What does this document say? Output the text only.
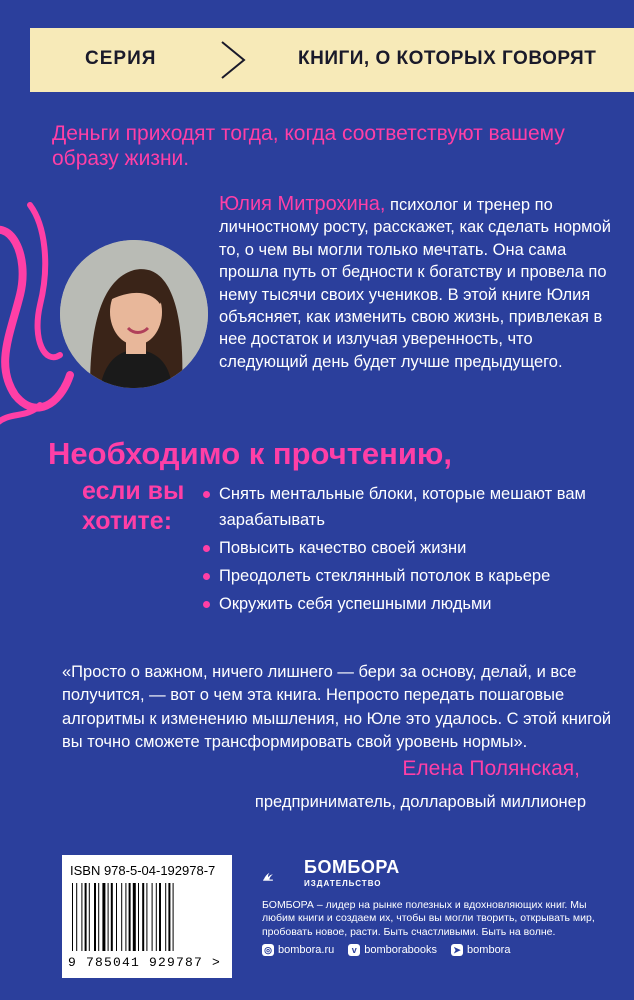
СЕРИЯ	КНИГИ, О КОТОРЫХ ГОВОРЯТ
Деньги приходят тогда, когда соответствуют вашему образу жизни.
Юлия Митрохина, психолог и тренер по личностному росту, расскажет, как сделать нормой то, о чем вы могли только мечтать. Она сама прошла путь от бедности к богатству и провела по нему тысячи своих учеников. В этой книге Юлия объясняет, как изменить свою жизнь, привлекая в нее достаток и излучая уверенность, что следующий день будет лучше предыдущего.
Необходимо к прочтению,
если вы хотите:
Снять ментальные блоки, которые мешают вам зарабатывать
Повысить качество своей жизни
Преодолеть стеклянный потолок в карьере
Окружить себя успешными людьми
«Просто о важном, ничего лишнего — бери за основу, делай, и все получится, — вот о чем эта книга. Непросто передать пошаговые алгоритмы к изменению мышления, но Юле это удалось. С этой книгой вы точно сможете трансформировать свой уровень нормы».
Елена Полянская,
предприниматель, долларовый миллионер
ISBN 978-5-04-192978-7
9 785041 929787 >
БОМБОРА
ИЗДАТЕЛЬСТВО
БОМБОРА – лидер на рынке полезных и вдохновляющих книг. Мы любим книги и создаем их, чтобы вы могли творить, открывать мир, пробовать новое, расти. Быть счастливыми. Быть на волне.
◎ bombora.ru	v bomborabooks ➤ bombora
